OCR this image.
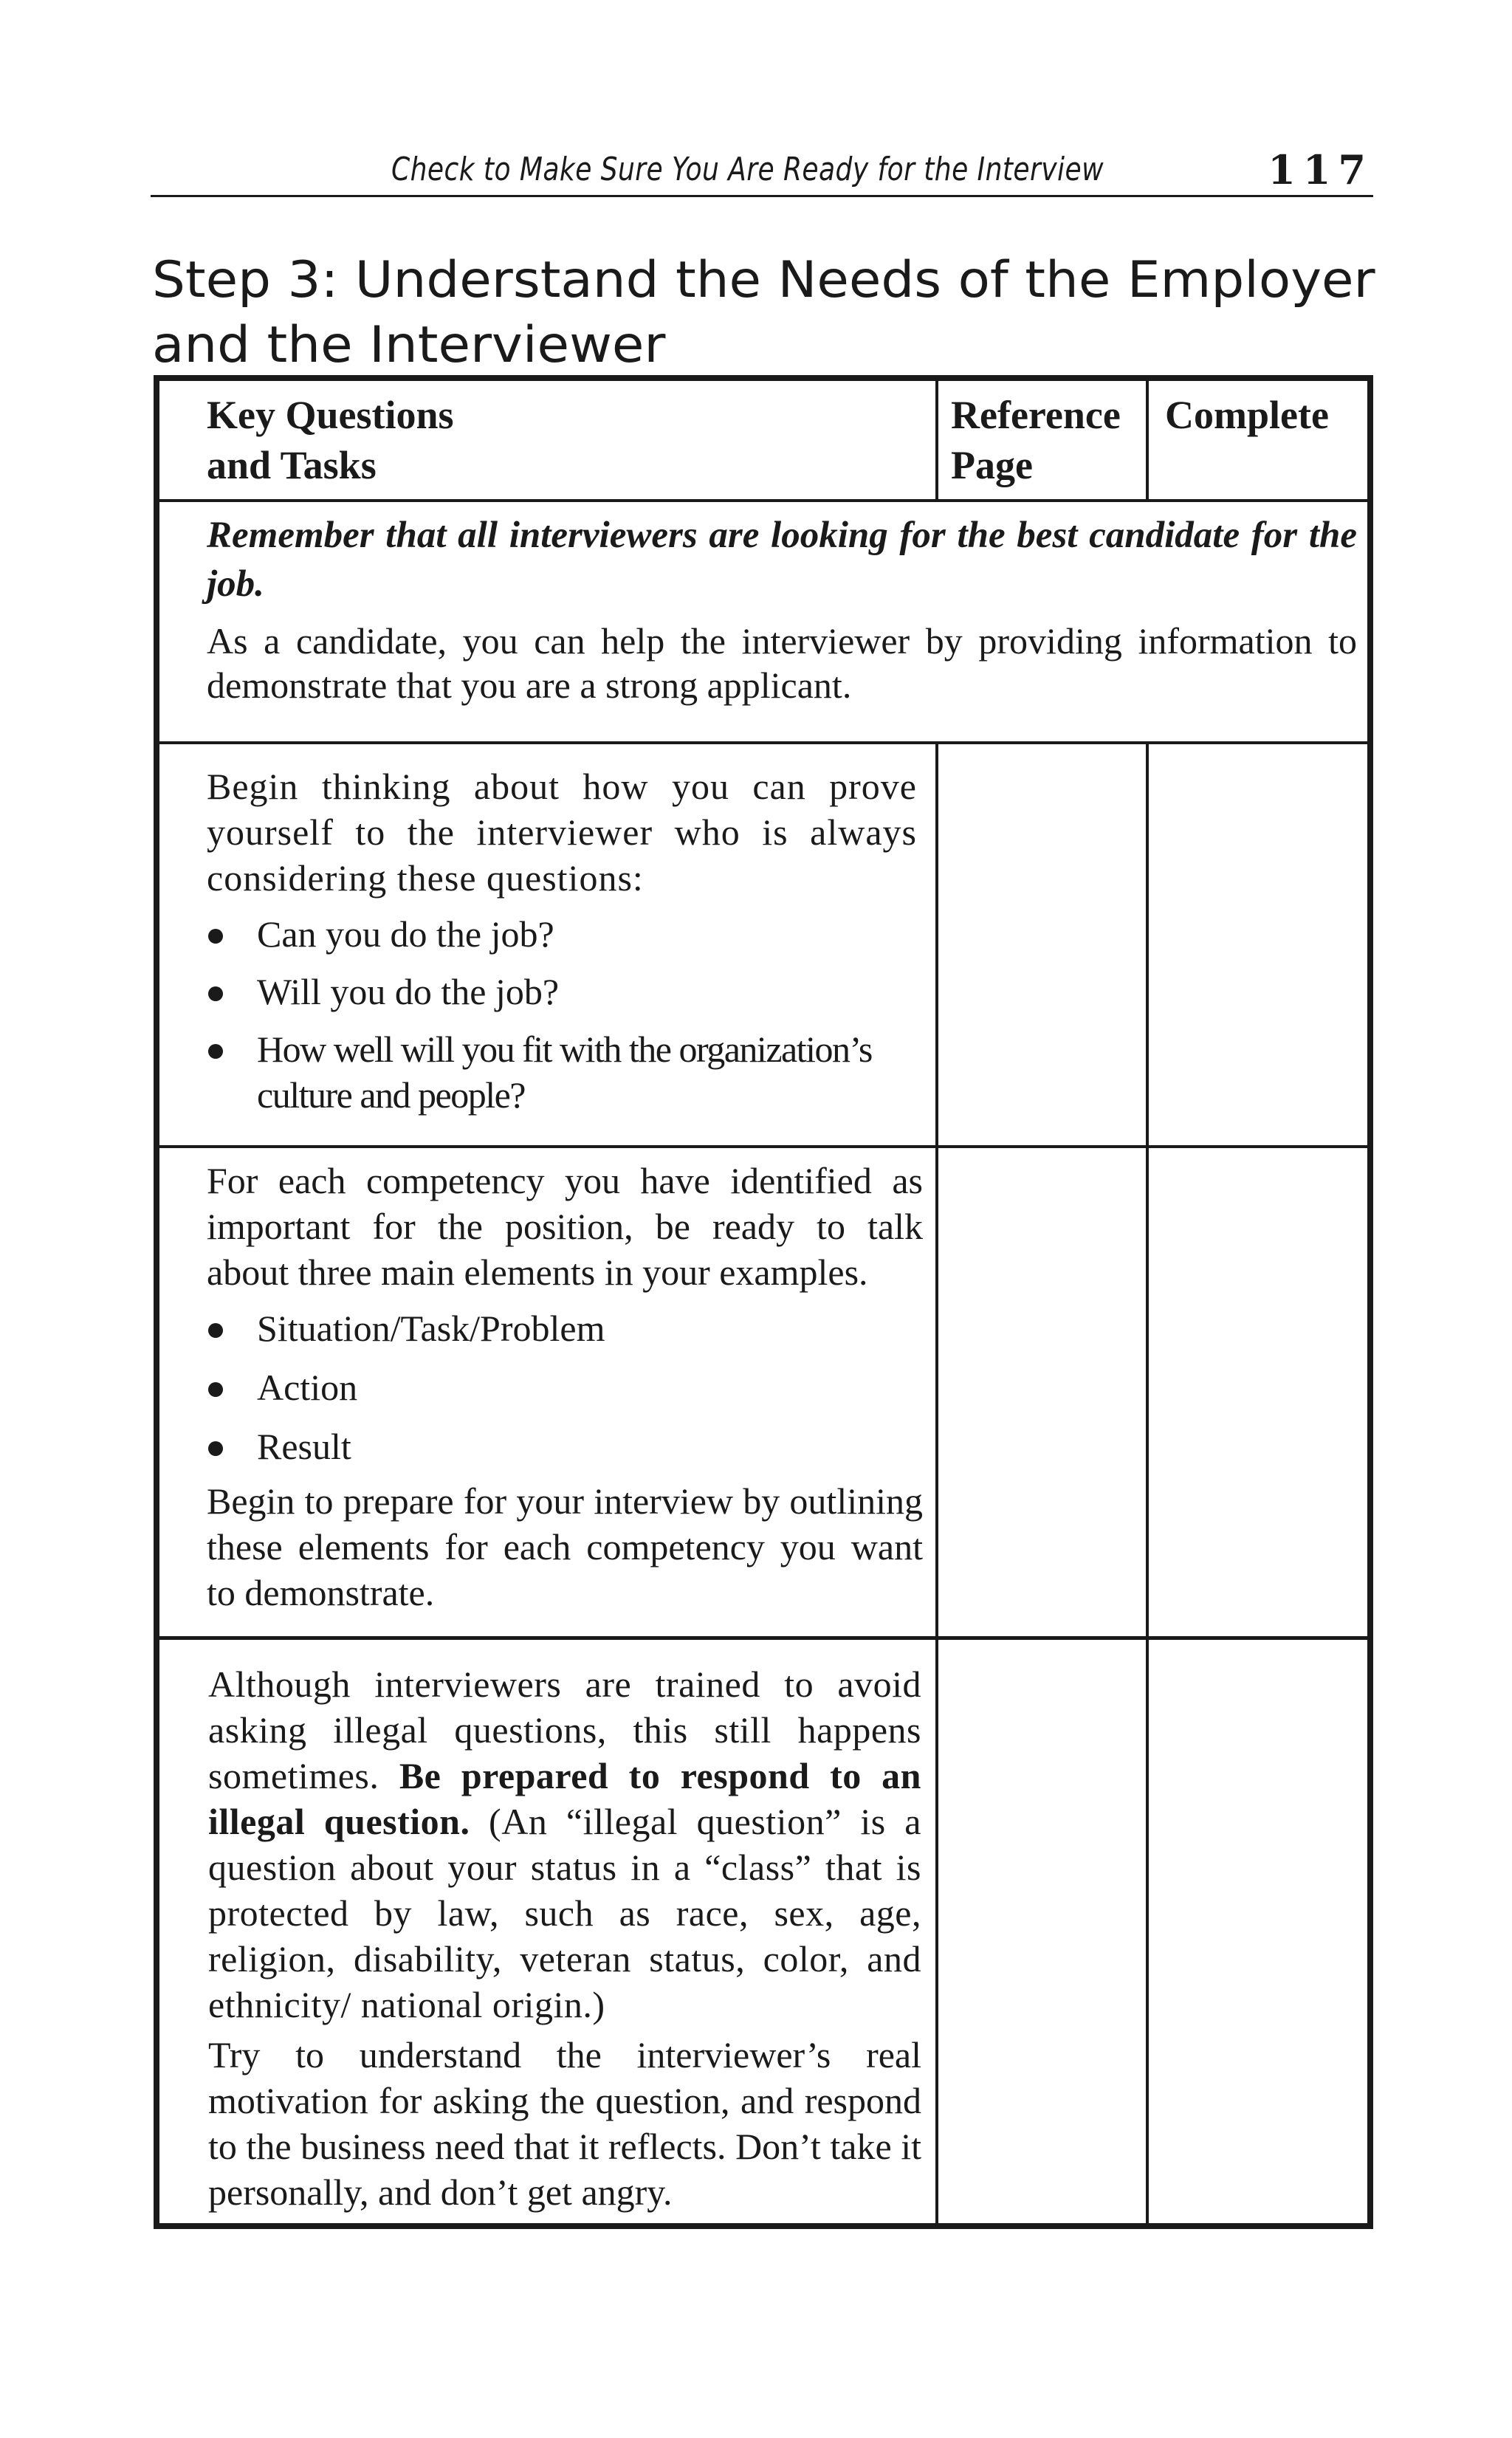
Check to Make Sure You Are Ready for the Interview	117
Step 3: Understand the Needs of the Employer
and the Interviewer
Key Questions
and Tasks
Reference
Page
Complete

Remember that all interviewers are looking for the best candidate for the job.

As a candidate, you can help the interviewer by providing information to demonstrate that you are a strong applicant.

Begin thinking about how you can prove yourself to the interviewer who is always considering these questions:

Can you do the job?
Will you do the job?
How well will you fit with the organization’s culture and people?

For each competency you have identified as important for the position, be ready to talk about three main elements in your examples.

Situation/Task/Problem
Action
Result

Begin to prepare for your interview by outlining these elements for each competency you want to demonstrate.

Although interviewers are trained to avoid asking illegal questions, this still happens sometimes. Be prepared to respond to an illegal question. (An “illegal question” is a question about your status in a “class” that is protected by law, such as race, sex, age, religion, disability, veteran status, color, and ethnicity/ national origin.)

Try to understand the interviewer’s real motivation for asking the question, and respond to the business need that it reflects. Don’t take it personally, and don’t get angry.
